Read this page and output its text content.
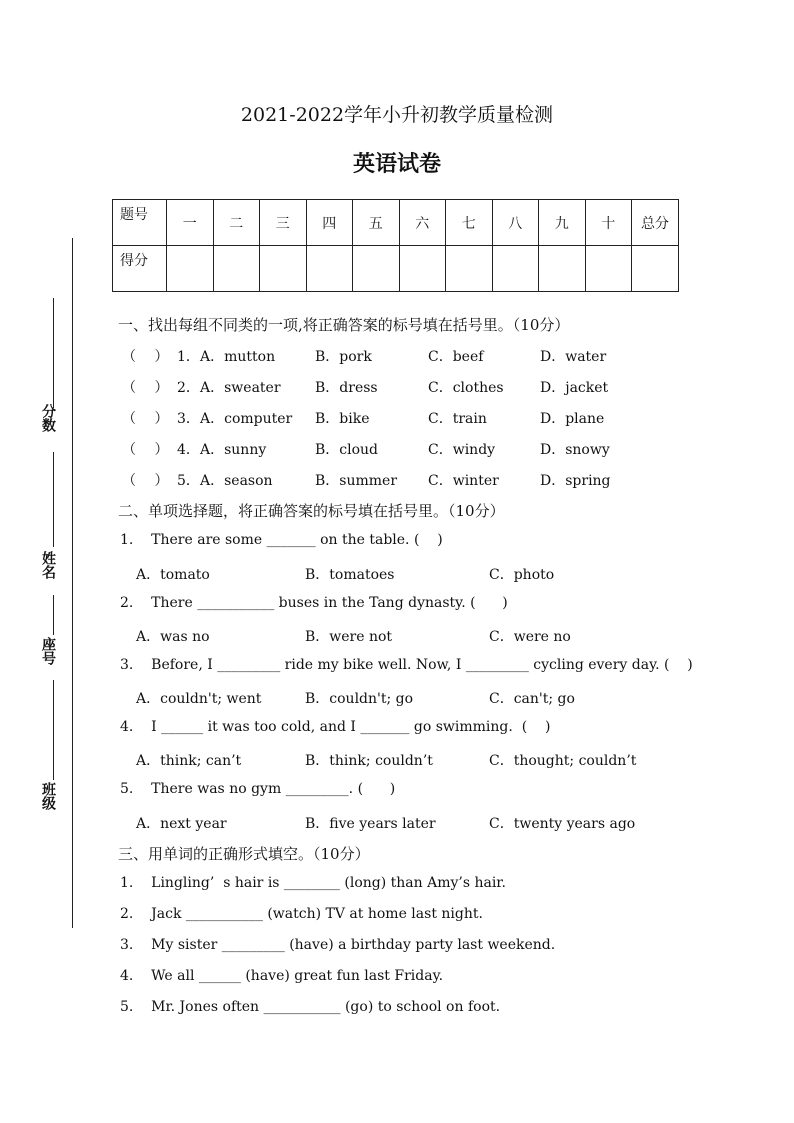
2021-2022学年小升初教学质量检测
英语试卷
题号	一	二	三	四	五	六	七	八	九	十	总分
得分											
分数
姓名
座号
班级
一、找出每组不同类的一项,将正确答案的标号填在括号里。（10分）
（　 ） 1． A．mutton	B．pork	C．beef	D．water
（　 ） 2． A．sweater B．dress	C．clothes	D．jacket
（　 ） 3． A．computer B．bike	C．train	D．plane
（　 ） 4． A．sunny	B．cloud	C．windy	D．snowy
（　 ） 5． A．season	B．summer C．winter	D．spring
二、单项选择题，将正确答案的标号填在括号里。（10分）
1.    There are some _______ on the table. (    )
A．tomato	B．tomatoes	C．photo
2.    There ___________ buses in the Tang dynasty. (      )
A．was no	B．were not	C．were no
3.    Before, I _________ ride my bike well. Now, I _________ cycling every day. (    )
A．couldn't; went	B．couldn't; go	C．can't; go
4.    I ______ it was too cold, and I _______ go swimming.  (    )
A．think; can’t	B．think; couldn’t	C．thought; couldn’t
5.    There was no gym _________. (      )
A．next year	B．five years later	C．twenty years ago
三、用单词的正确形式填空。（10分）
1.    Lingling’  s hair is ________ (long) than Amy’s hair.
2.    Jack ___________ (watch) TV at home last night.
3.    My sister _________ (have) a birthday party last weekend.
4.    We all ______ (have) great fun last Friday.
5.    Mr. Jones often ___________ (go) to school on foot.
